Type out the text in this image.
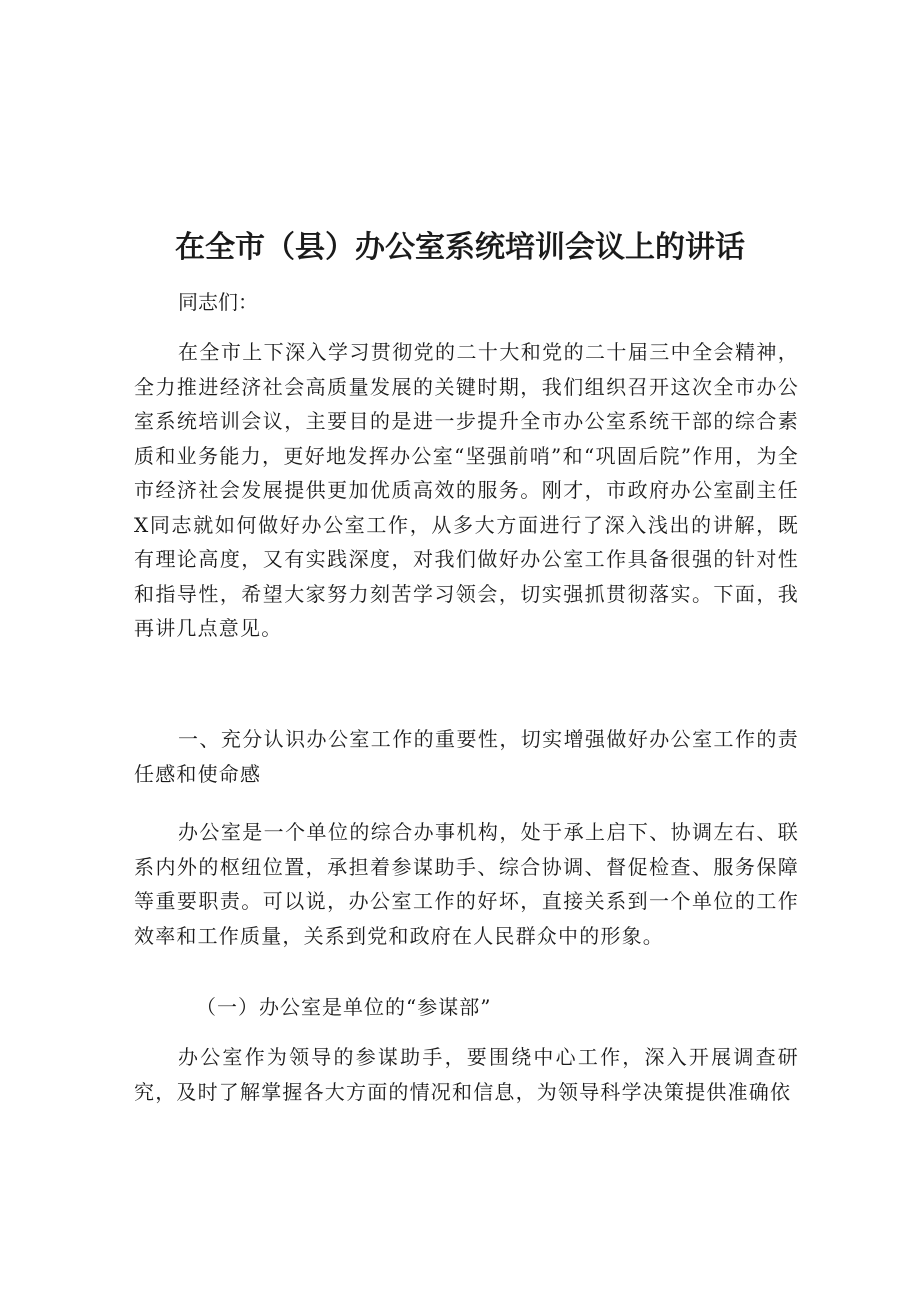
在全市（县）办公室系统培训会议上的讲话

同志们：

在全市上下深入学习贯彻党的二十大和党的二十届三中全会精神，全力推进经济社会高质量发展的关键时期，我们组织召开这次全市办公室系统培训会议，主要目的是进一步提升全市办公室系统干部的综合素质和业务能力，更好地发挥办公室“坚强前哨”和“巩固后院”作用，为全市经济社会发展提供更加优质高效的服务。刚才，市政府办公室副主任X同志就如何做好办公室工作，从多大方面进行了深入浅出的讲解，既有理论高度，又有实践深度，对我们做好办公室工作具备很强的针对性和指导性，希望大家努力刻苦学习领会，切实强抓贯彻落实。下面，我再讲几点意见。

一、充分认识办公室工作的重要性，切实增强做好办公室工作的责任感和使命感

办公室是一个单位的综合办事机构，处于承上启下、协调左右、联系内外的枢纽位置，承担着参谋助手、综合协调、督促检查、服务保障等重要职责。可以说，办公室工作的好坏，直接关系到一个单位的工作效率和工作质量，关系到党和政府在人民群众中的形象。

（一）办公室是单位的“参谋部”

办公室作为领导的参谋助手，要围绕中心工作，深入开展调查研究，及时了解掌握各大方面的情况和信息，为领导科学决策提供准确依
